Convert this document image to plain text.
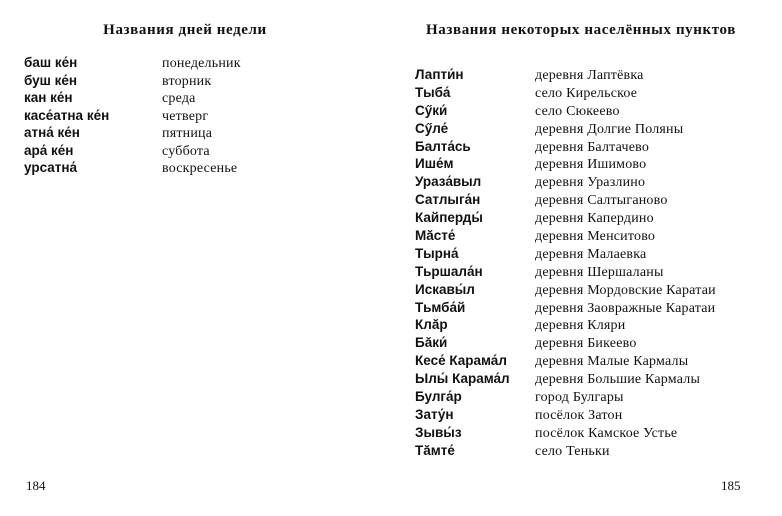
Названия дней недели
баш ке́н	понедельник
буш ке́н	вторник
кан ке́н	среда
касе́атна ке́н	четверг
атна́ ке́н	пятница
ара́ ке́н	суббота
урсатна́	воскресенье
184
Названия некоторых населённых пунктов
Лапти́н	деревня Лаптёвка
Тыба́	село Кирельское
Сӳки́	село Сюкеево
Сӳле́	деревня Долгие Поляны
Балта́сь	деревня Балтачево
Ише́м	деревня Ишимово
Ураза́выл	деревня Уразлино
Сатлыга́н	деревня Салтыганово
Кайперды́	деревня Капердино
Мăсте́	деревня Менситово
Тырна́	деревня Малаевка
Тьршала́н	деревня Шершаланы
Искавы́л	деревня Мордовские Каратаи
Тьмба́й	деревня Заовражные Каратаи
Клăр	деревня Кляри
Бăки́	деревня Бикеево
Кесе́ Карама́л	деревня Малые Кармалы
Ылы́ Карама́л	деревня Большие Кармалы
Булга́р	город Булгары
Зату́н	посёлок Затон
Зывы́з	посёлок Камское Устье
Тăмте́	село Теньки
185
